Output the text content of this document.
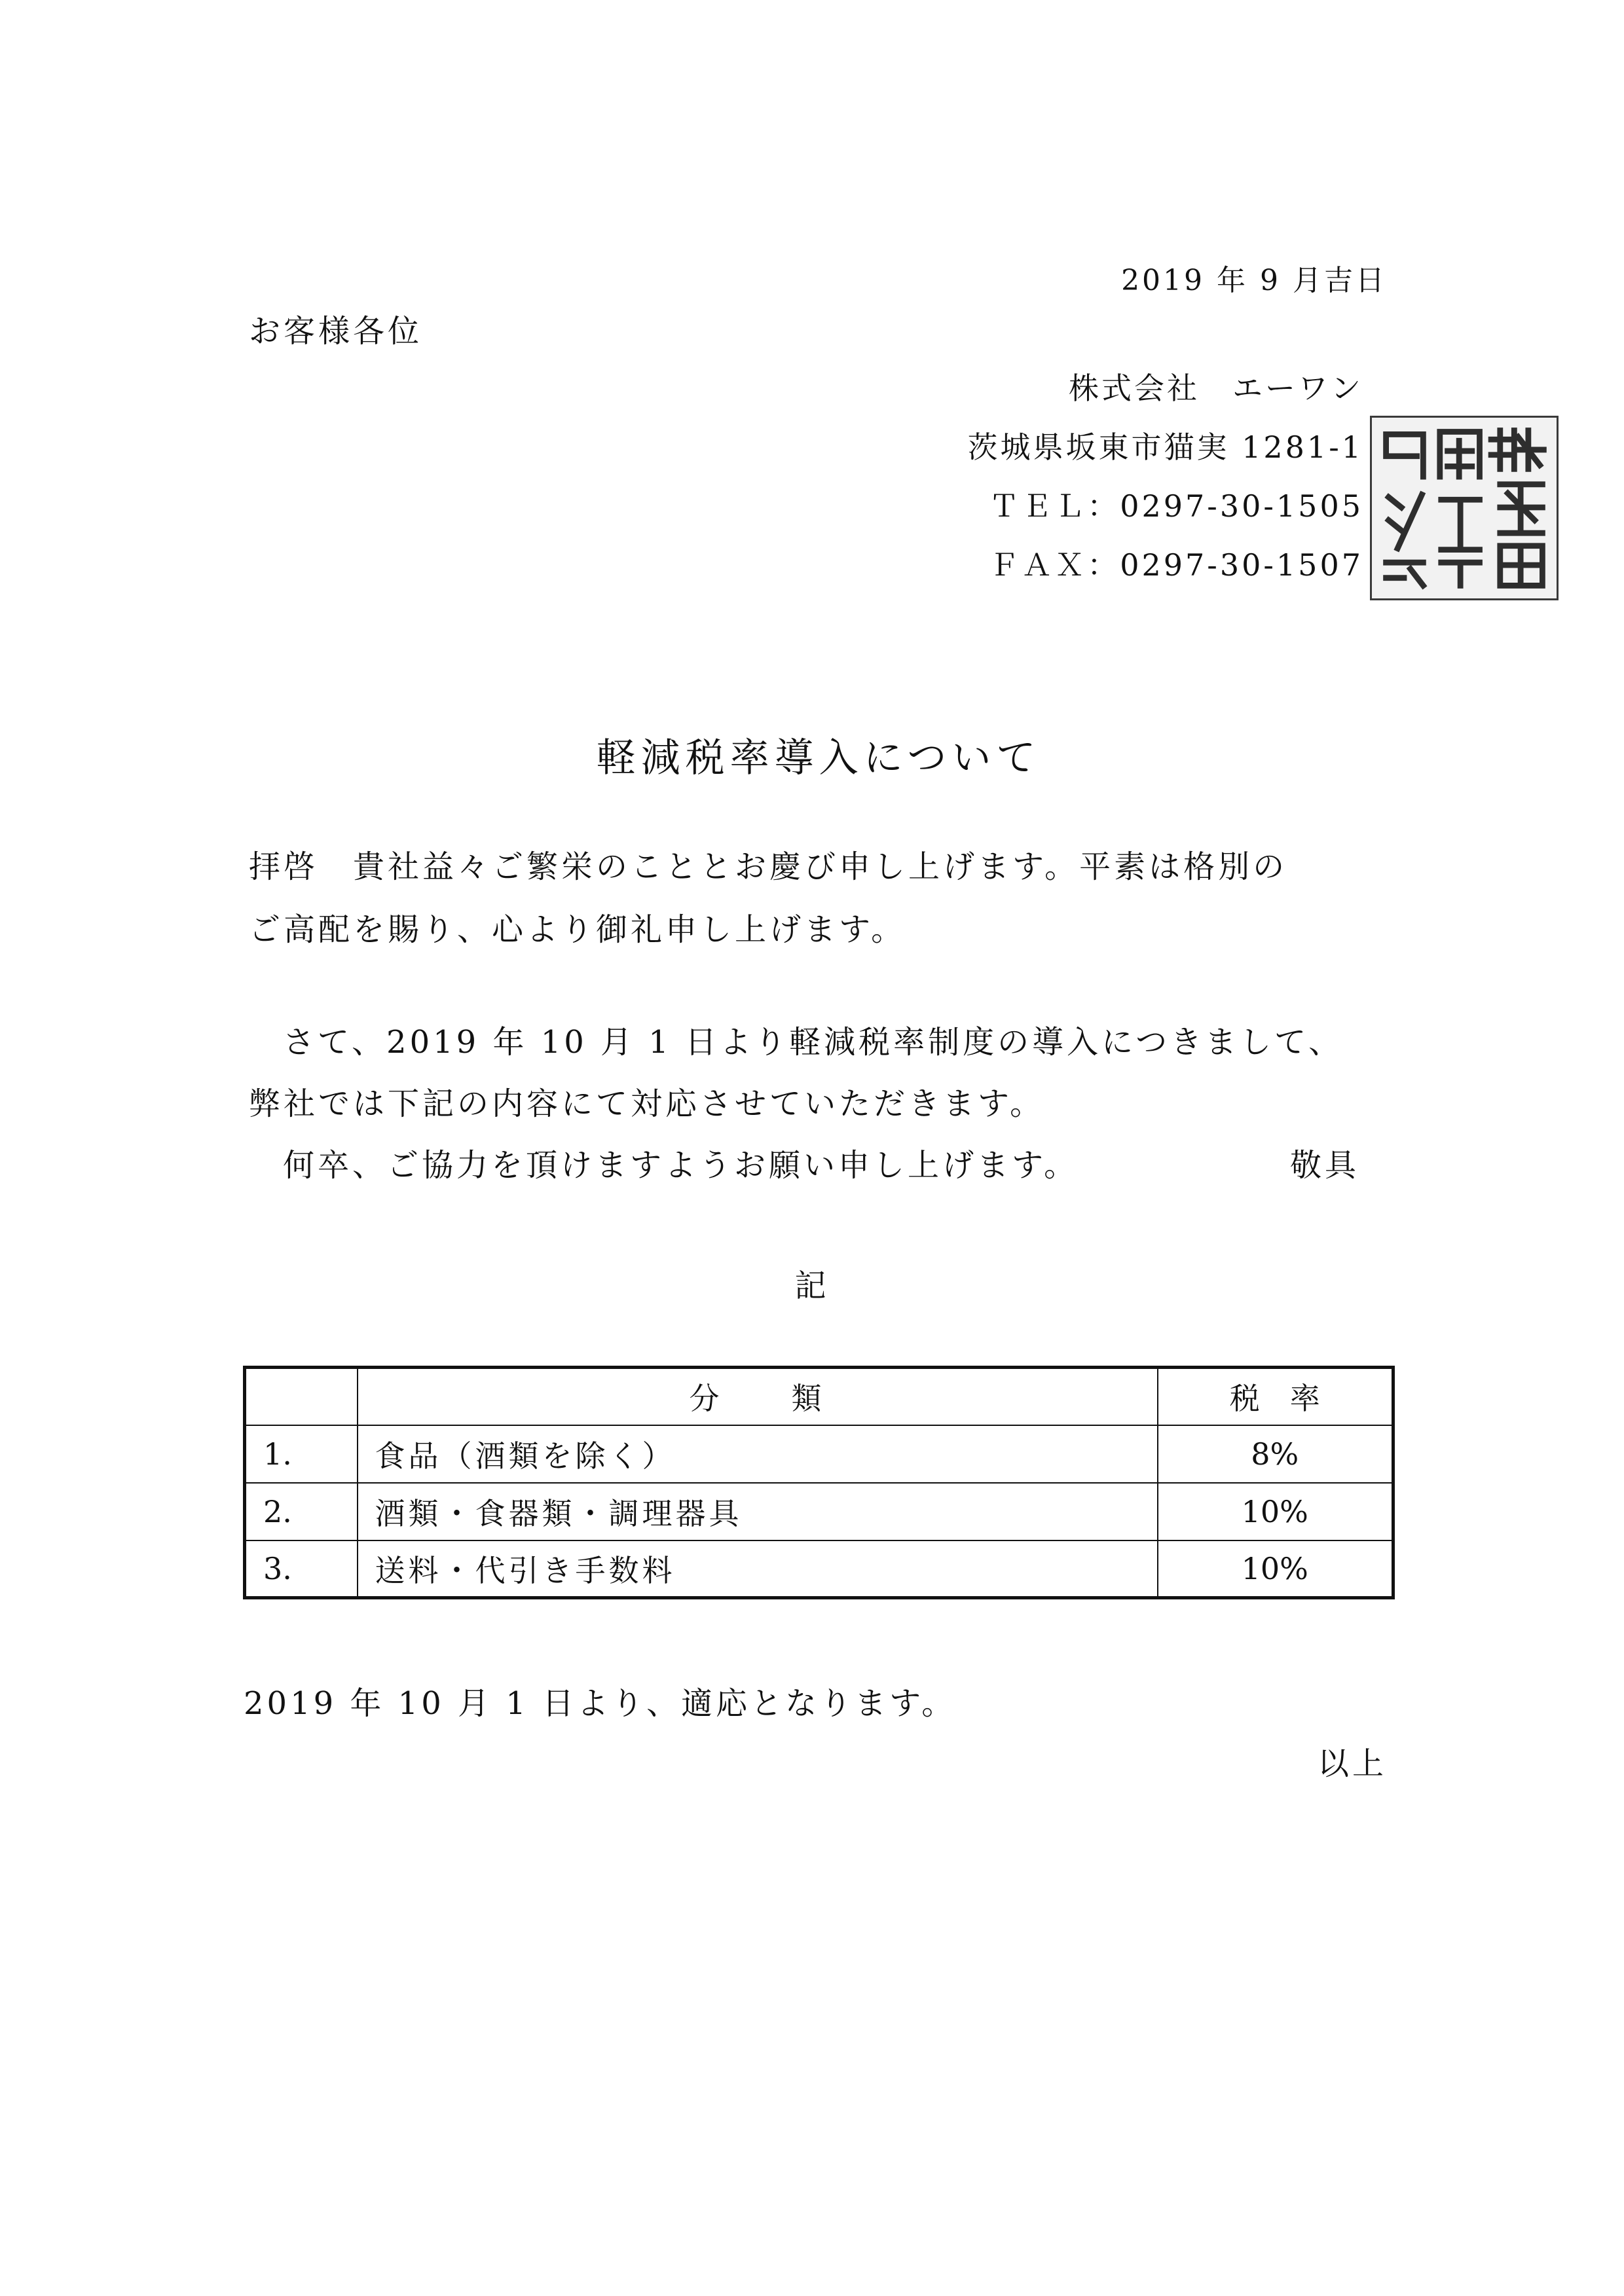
2019 年 9 月吉日
お客様各位
株式会社　エーワン
茨城県坂東市猫実 1281-1
ＴＥＬ：0297-30-1505
ＦＡＸ：0297-30-1507
軽減税率導入について
拝啓　貴社益々ご繁栄のこととお慶び申し上げます。平素は格別の
ご高配を賜り、心より御礼申し上げます。
さて、2019 年 10 月 1 日より軽減税率制度の導入につきまして、
弊社では下記の内容にて対応させていただきます。
何卒、ご協力を頂けますようお願い申し上げます。	敬具
記
	分　　類	税　率
1.	食品（酒類を除く）	8%
2.	酒類・食器類・調理器具	10%
3.	送料・代引き手数料	10%
2019 年 10 月 1 日より、適応となります。
以上
